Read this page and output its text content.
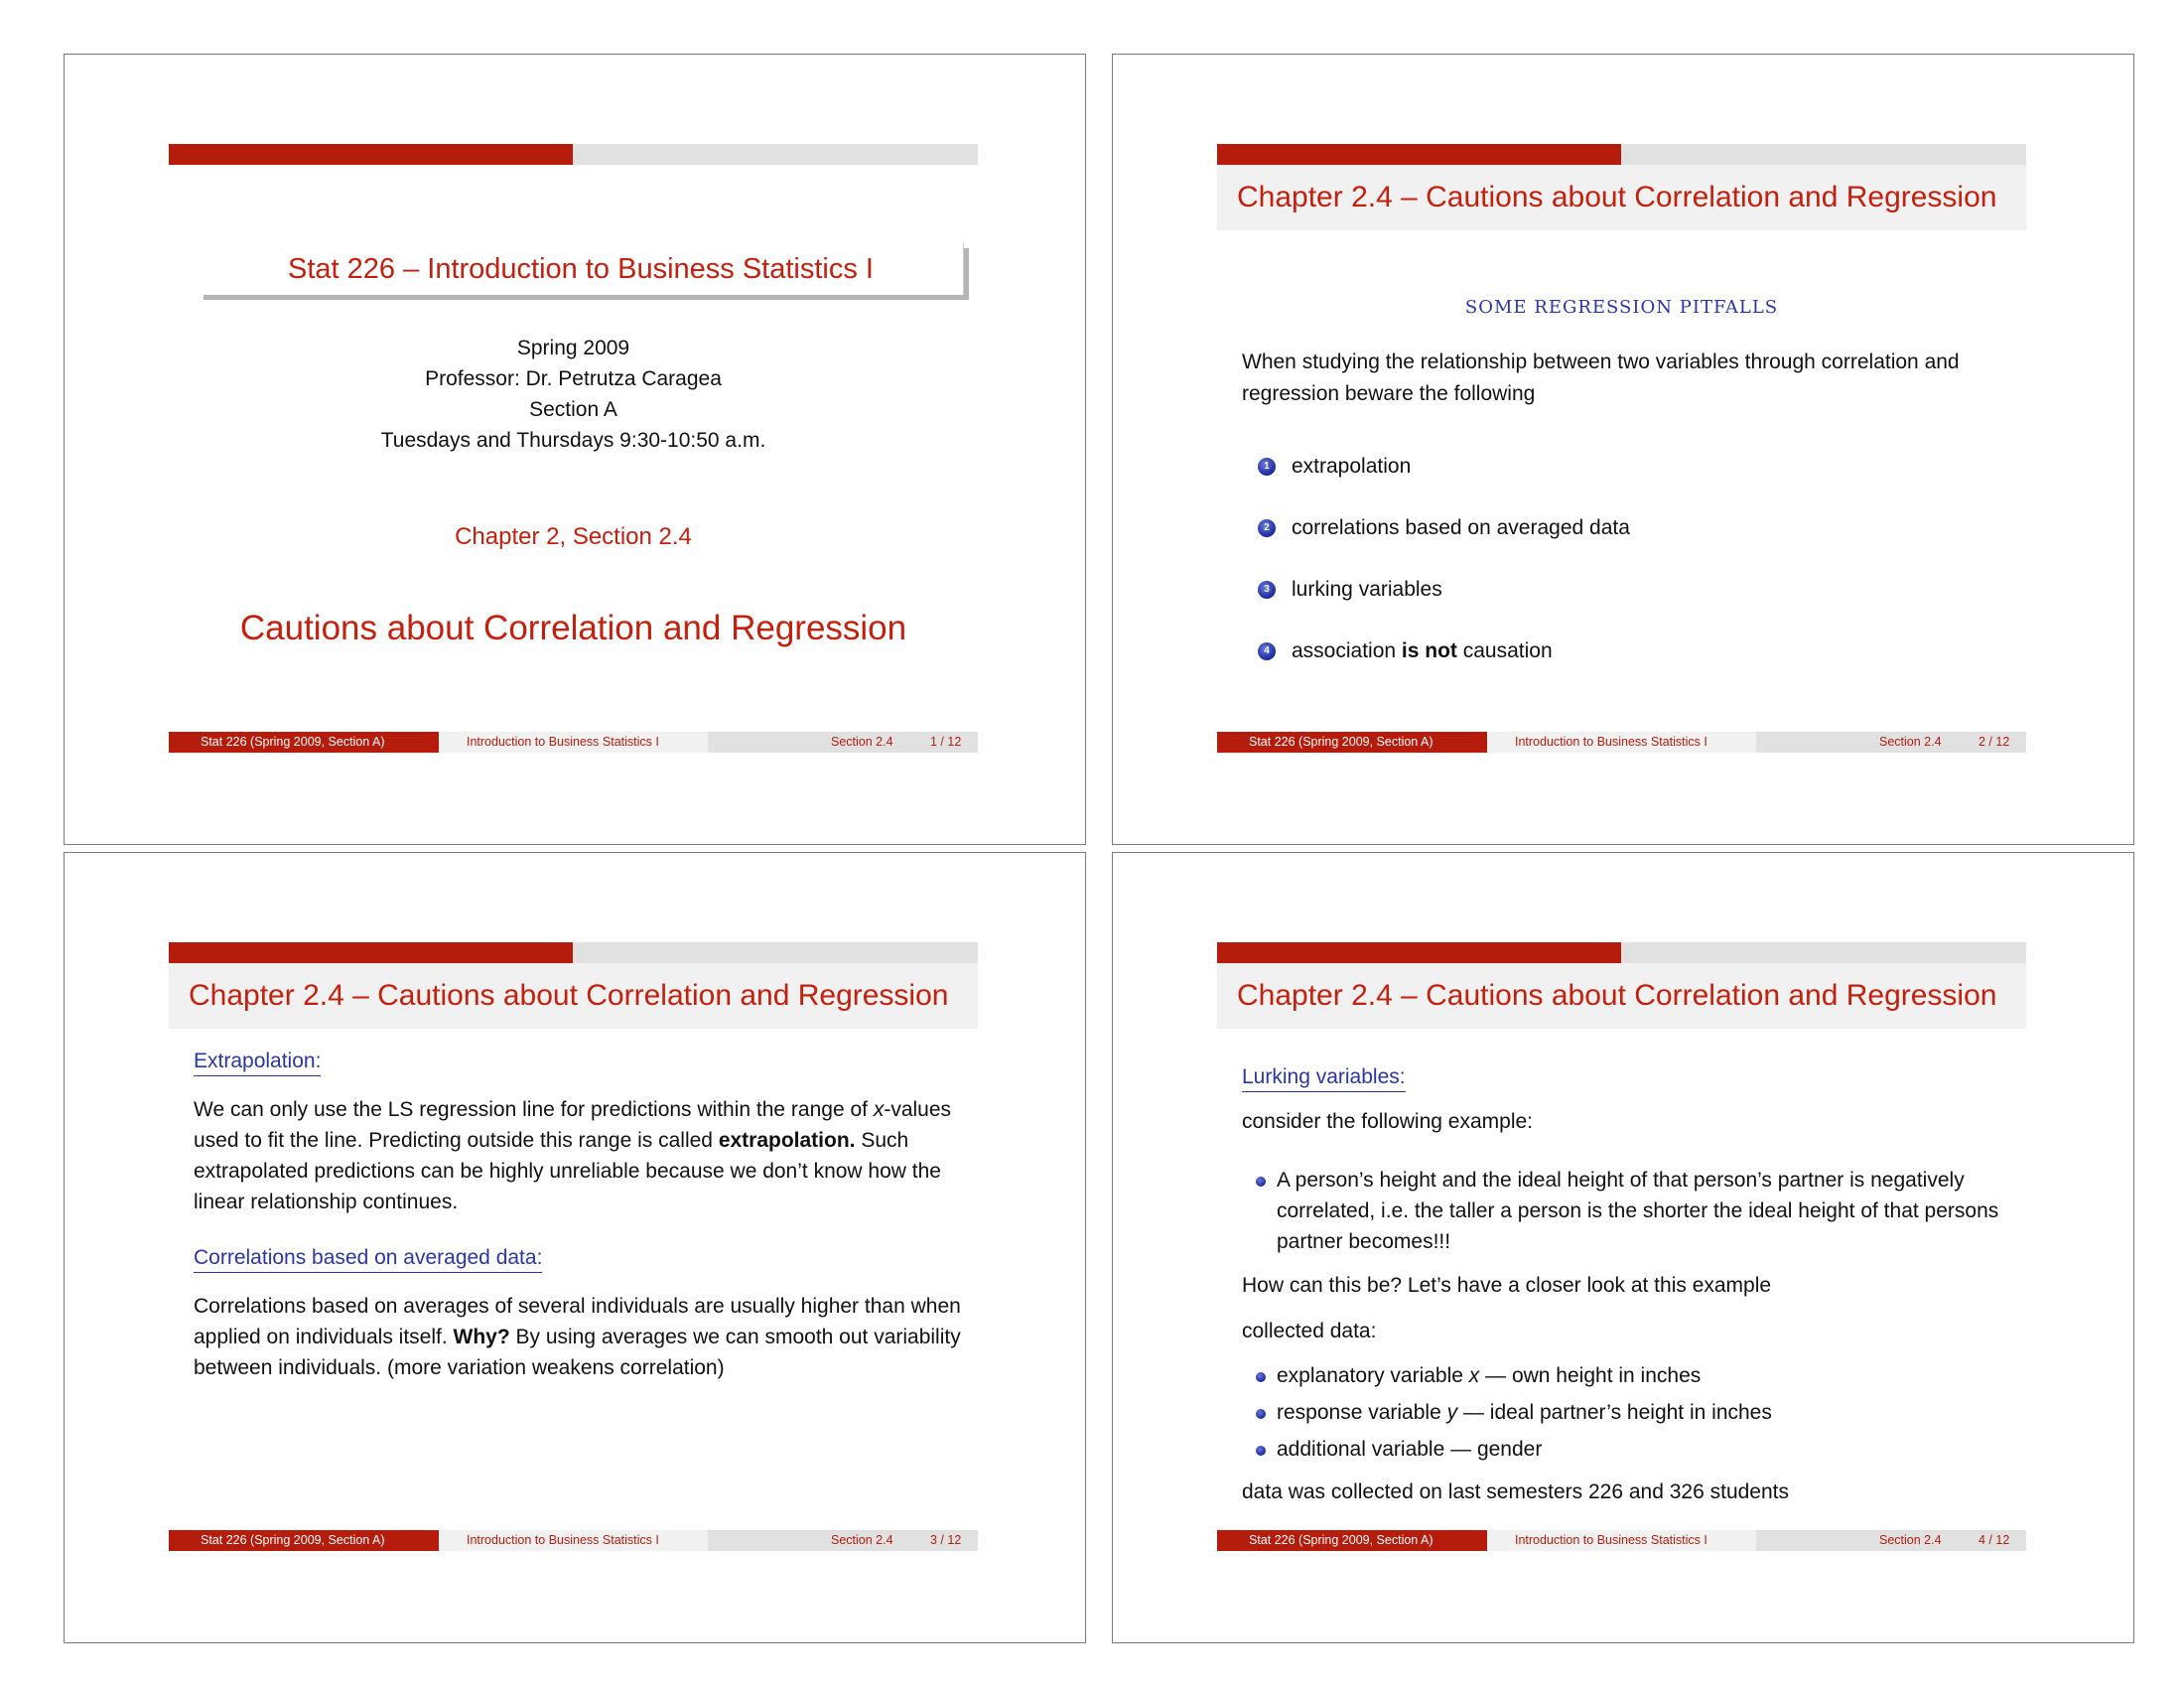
Stat 226 – Introduction to Business Statistics I
Spring 2009
Professor: Dr. Petrutza Caragea
Section A
Tuesdays and Thursdays 9:30-10:50 a.m.
Chapter 2, Section 2.4
Cautions about Correlation and Regression
Stat 226 (Spring 2009, Section A)	Introduction to Business Statistics I	Section 2.4	1 / 12
Chapter 2.4 – Cautions about Correlation and Regression
SOME REGRESSION PITFALLS
When studying the relationship between two variables through correlation and regression beware the following
1 extrapolation
2 correlations based on averaged data
3 lurking variables
4 association is not causation
Stat 226 (Spring 2009, Section A)	Introduction to Business Statistics I	Section 2.4	2 / 12
Chapter 2.4 – Cautions about Correlation and Regression
Extrapolation:
We can only use the LS regression line for predictions within the range of x-values used to fit the line. Predicting outside this range is called extrapolation. Such extrapolated predictions can be highly unreliable because we don’t know how the linear relationship continues.
Correlations based on averaged data:
Correlations based on averages of several individuals are usually higher than when applied on individuals itself. Why? By using averages we can smooth out variability between individuals. (more variation weakens correlation)
Stat 226 (Spring 2009, Section A)	Introduction to Business Statistics I	Section 2.4	3 / 12
Chapter 2.4 – Cautions about Correlation and Regression
Lurking variables:
consider the following example:
A person’s height and the ideal height of that person’s partner is negatively correlated, i.e. the taller a person is the shorter the ideal height of that persons partner becomes!!!
How can this be? Let’s have a closer look at this example
collected data:
explanatory variable x — own height in inches
response variable y — ideal partner’s height in inches
additional variable — gender
data was collected on last semesters 226 and 326 students
Stat 226 (Spring 2009, Section A)	Introduction to Business Statistics I	Section 2.4	4 / 12
